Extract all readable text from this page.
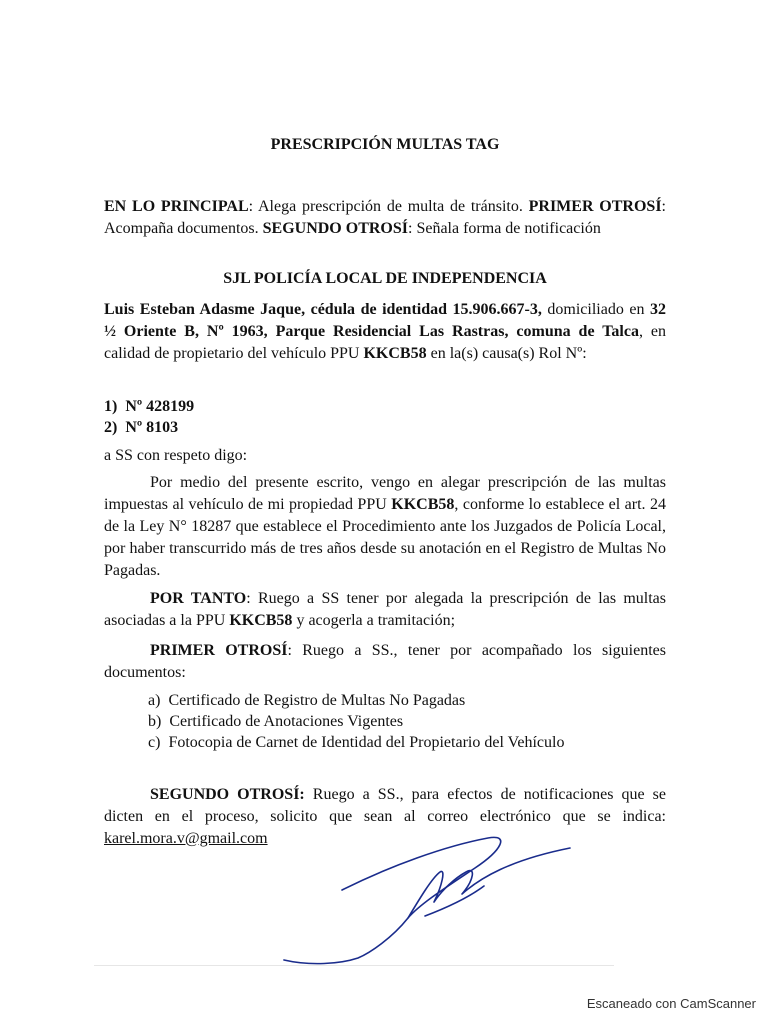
PRESCRIPCIÓN MULTAS TAG

EN LO PRINCIPAL: Alega prescripción de multa de tránsito. PRIMER OTROSÍ: Acompaña documentos. SEGUNDO OTROSÍ: Señala forma de notificación

SJL POLICÍA LOCAL DE INDEPENDENCIA

Luis Esteban Adasme Jaque, cédula de identidad 15.906.667-3, domiciliado en 32 ½ Oriente B, Nº 1963, Parque Residencial Las Rastras, comuna de Talca, en calidad de propietario del vehículo PPU KKCB58 en la(s) causa(s) Rol Nº:

1) Nº 428199
2) Nº 8103

a SS con respeto digo:

Por medio del presente escrito, vengo en alegar prescripción de las multas impuestas al vehículo de mi propiedad PPU KKCB58, conforme lo establece el art. 24 de la Ley N° 18287 que establece el Procedimiento ante los Juzgados de Policía Local, por haber transcurrido más de tres años desde su anotación en el Registro de Multas No Pagadas.

POR TANTO: Ruego a SS tener por alegada la prescripción de las multas asociadas a la PPU KKCB58 y acogerla a tramitación;

PRIMER OTROSÍ: Ruego a SS., tener por acompañado los siguientes documentos:

a) Certificado de Registro de Multas No Pagadas
b) Certificado de Anotaciones Vigentes
c) Fotocopia de Carnet de Identidad del Propietario del Vehículo

SEGUNDO OTROSÍ: Ruego a SS., para efectos de notificaciones que se dicten en el proceso, solicito que sean al correo electrónico que se indica: karel.mora.v@gmail.com

Escaneado con CamScanner
